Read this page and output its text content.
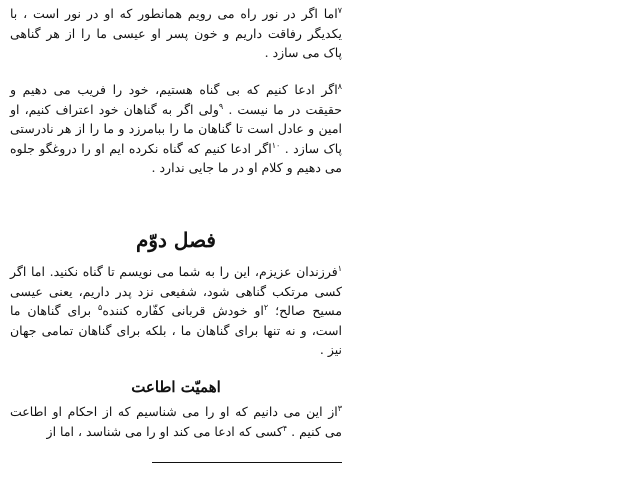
$^۷$اما اگر در نور راه می رویم همانطور که او در نور است ، با یکدیگر رفاقت داریم و خون پسر او عیسی ما را از هر گناهی پاک می سازد .

$^۸$اگر ادعا کنیم که بی گناه هستیم، خود را فریب می دهیم و حقیقت در ما نیست . $^۹$ولی اگر به گناهان خود اعتراف کنیم، او امین و عادل است تا گناهان ما را ببامرزد و ما را از هر نادرستی پاک سازد . $^{۱۰}$اگر ادعا کنیم که گناه نکرده ایم او را دروغگو جلوه می دهیم و کلام او در ما جایی ندارد .

فصل دوّم

$^۱$فرزندان عزیزم، این را به شما می نویسم تا گناه نکنید. اما اگر کسی مرتکب گناهی شود، شفیعی نزد پدر داریم، یعنی عیسی مسیح صالح؛ $^۲$او خودش قربانی کفّاره کننده$^۵$ برای گناهان ما است، و نه تنها برای گناهان ما ، بلکه برای گناهان تمامی جهان نیز .

اهمیّت اطاعت

$^۳$از این می دانیم که او را می شناسیم که از احکام او اطاعت می کنیم . $^۴$کسی که ادعا می کند او را می شناسد ، اما از
